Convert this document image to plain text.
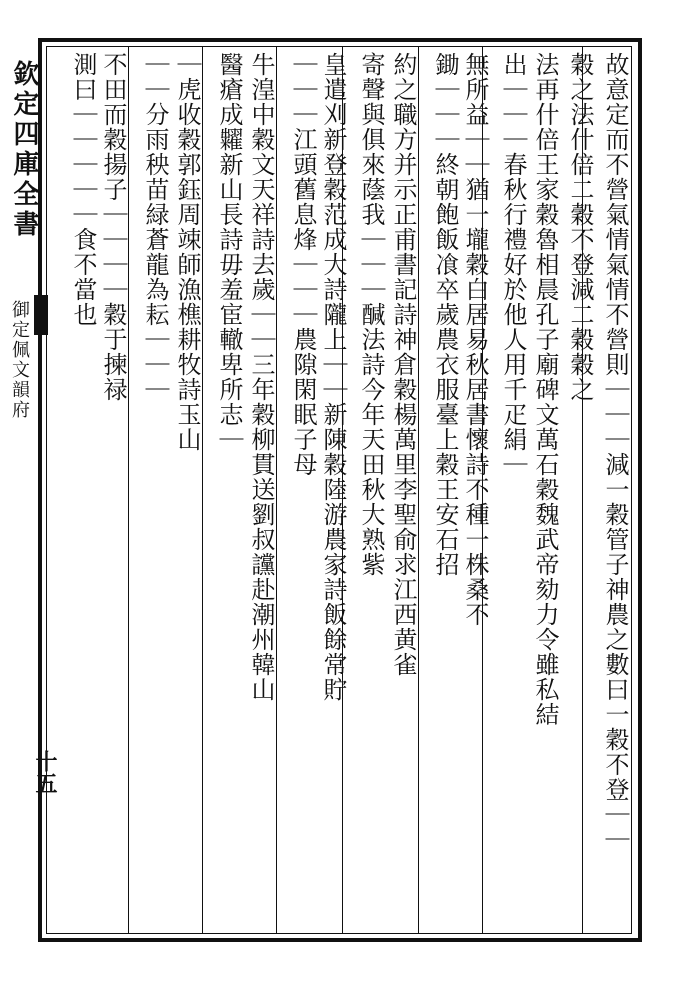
欽定四庫全書
御定佩文韻府
十五	故意定而不營氣情氣情不營則｜｜｜減一穀管子神農之數曰一穀不登｜｜
穀之法什倍二穀不登減二穀穀之
法再什倍王家穀魯相晨孔子廟碑文萬石穀魏武帝劾力令雖私結
出｜｜｜春秋行禮好於他人用千疋絹｜
無所益｜｜猶一壠穀白居易秋居書懷詩不種一株桑不
鋤｜｜｜終朝飽飯飡卒歲農衣服臺上穀王安石招
約之職方并示正甫書記詩神倉穀楊萬里李聖俞求江西黄雀
寄聲與俱來蔭我｜｜｜醎法詩今年天田秋大熟紫
皇遣刈新登穀范成大詩隴上｜｜新陳穀陸游農家詩飯餘常貯
｜｜｜江頭舊息烽｜｜｜農隙閑眠子母
牛湟中穀文天祥詩去歲｜｜三年穀柳貫送劉叔讜赴潮州韓山
醫瘡成糶新山長詩毋羞宦轍卑所志｜
｜虎收穀郭鈺周竦師漁樵耕牧詩玉山
｜｜分雨秧苗緑蒼龍為耘｜｜｜
不田而穀揚子｜｜｜｜穀于揀禄
測曰｜｜｜｜｜食不當也
